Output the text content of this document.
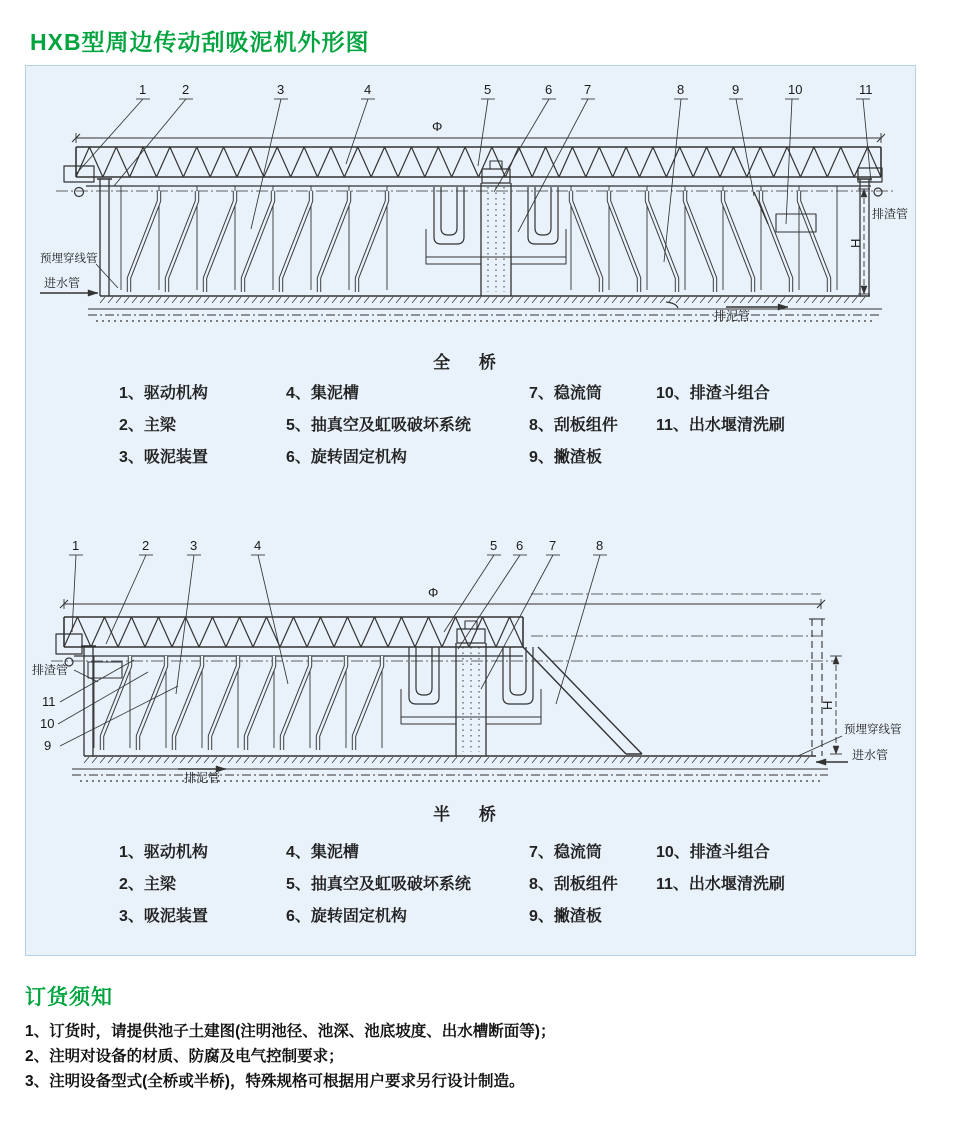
HXB型周边传动刮吸泥机外形图
1	2	3	4	5	6 7	8	9	10	11
Φ
H
预埋穿线管
进水管
排渣管
排泥管
全 桥
1、驱动机构	4、集泥槽	7、稳流筒	10、排渣斗组合
2、主梁	5、抽真空及虹吸破坏系统	8、刮板组件	11、出水堰清洗刷
3、吸泥装置	6、旋转固定机构	9、撇渣板
1	2	3	4	5 6 7	8
11
10
9
Φ
H
排渣管
排泥管
预埋穿线管
进水管
半 桥
1、驱动机构	4、集泥槽	7、稳流筒	10、排渣斗组合
2、主梁	5、抽真空及虹吸破坏系统	8、刮板组件	11、出水堰清洗刷
3、吸泥装置	6、旋转固定机构	9、撇渣板
订货须知
1、订货时，请提供池子土建图(注明池径、池深、池底坡度、出水槽断面等)；
2、注明对设备的材质、防腐及电气控制要求；
3、注明设备型式(全桥或半桥)，特殊规格可根据用户要求另行设计制造。
